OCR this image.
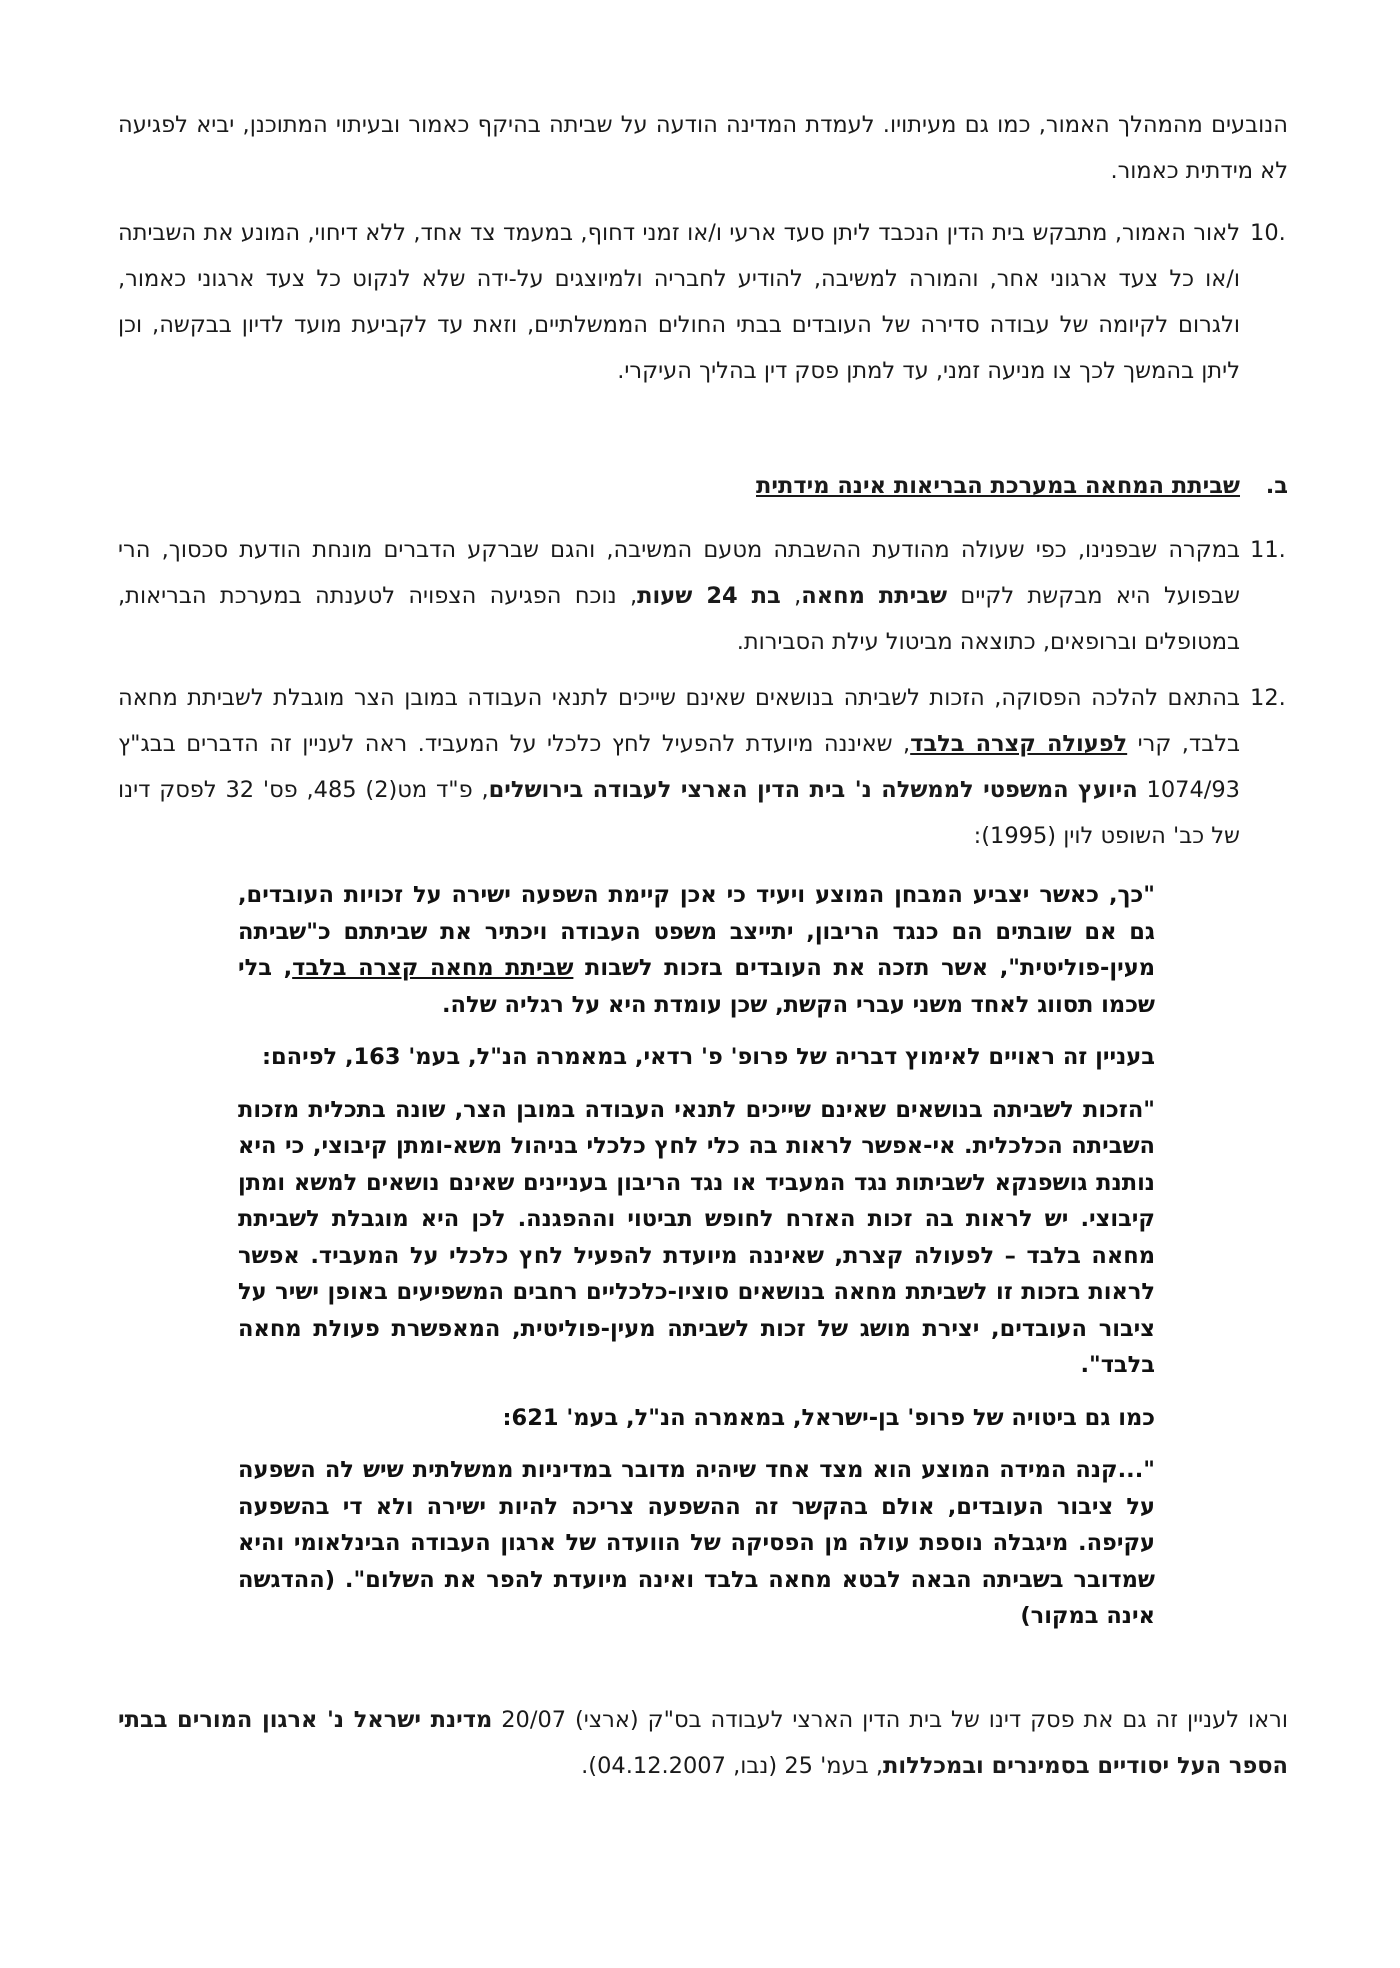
הנובעים מהמהלך האמור, כמו גם מעיתויו. לעמדת המדינה הודעה על שביתה בהיקף כאמור ובעיתוי המתוכנן, יביא לפגיעה לא מידתית כאמור.
.10
לאור האמור, מתבקש בית הדין הנכבד ליתן סעד ארעי ו/או זמני דחוף, במעמד צד אחד, ללא דיחוי, המונע את השביתה ו/או כל צעד ארגוני אחר, והמורה למשיבה, להודיע לחבריה ולמיוצגים על-ידה שלא לנקוט כל צעד ארגוני כאמור, ולגרום לקיומה של עבודה סדירה של העובדים בבתי החולים הממשלתיים, וזאת עד לקביעת מועד לדיון בבקשה, וכן ליתן בהמשך לכך צו מניעה זמני, עד למתן פסק דין בהליך העיקרי.
ב.שביתת המחאה במערכת הבריאות אינה מידתית
.11
במקרה שבפנינו, כפי שעולה מהודעת ההשבתה מטעם המשיבה, והגם שברקע הדברים מונחת הודעת סכסוך, הרי שבפועל היא מבקשת לקיים שביתת מחאה, בת 24 שעות, נוכח הפגיעה הצפויה לטענתה במערכת הבריאות, במטופלים וברופאים, כתוצאה מביטול עילת הסבירות.
.12
בהתאם להלכה הפסוקה, הזכות לשביתה בנושאים שאינם שייכים לתנאי העבודה במובן הצר מוגבלת לשביתת מחאה בלבד, קרי לפעולה קצרה בלבד, שאיננה מיועדת להפעיל לחץ כלכלי על המעביד. ראה לעניין זה הדברים בבג"ץ 1074/93 היועץ המשפטי לממשלה נ' בית הדין הארצי לעבודה בירושלים, פ"ד מט(2) 485, פס' 32 לפסק דינו של כב' השופט לוין (1995):

"כך, כאשר יצביע המבחן המוצע ויעיד כי אכן קיימת השפעה ישירה על זכויות העובדים, גם אם שובתים הם כנגד הריבון, יתייצב משפט העבודה ויכתיר את שביתתם כ"שביתה מעין-פוליטית", אשר תזכה את העובדים בזכות לשבות שביתת מחאה קצרה בלבד, בלי שכמו תסווג לאחד משני עברי הקשת, שכן עומדת היא על רגליה שלה.

בעניין זה ראויים לאימוץ דבריה של פרופ' פ' רדאי, במאמרה הנ"ל, בעמ' 163, לפיהם:

"הזכות לשביתה בנושאים שאינם שייכים לתנאי העבודה במובן הצר, שונה בתכלית מזכות השביתה הכלכלית. אי-אפשר לראות בה כלי לחץ כלכלי בניהול משא-ומתן קיבוצי, כי היא נותנת גושפנקא לשביתות נגד המעביד או נגד הריבון בעניינים שאינם נושאים למשא ומתן קיבוצי. יש לראות בה זכות האזרח לחופש תביטוי וההפגנה. לכן היא מוגבלת לשביתת מחאה בלבד – לפעולה קצרת, שאיננה מיועדת להפעיל לחץ כלכלי על המעביד. אפשר לראות בזכות זו לשביתת מחאה בנושאים סוציו-כלכליים רחבים המשפיעים באופן ישיר על ציבור העובדים, יצירת מושג של זכות לשביתה מעין-פוליטית, המאפשרת פעולת מחאה בלבד".

כמו גם ביטויה של פרופ' בן-ישראל, במאמרה הנ"ל, בעמ' 621:

"...קנה המידה המוצע הוא מצד אחד שיהיה מדובר במדיניות ממשלתית שיש לה השפעה על ציבור העובדים, אולם בהקשר זה ההשפעה צריכה להיות ישירה ולא די בהשפעה עקיפה. מיגבלה נוספת עולה מן הפסיקה של הוועדה של ארגון העבודה הבינלאומי והיא שמדובר בשביתה הבאה לבטא מחאה בלבד ואינה מיועדת להפר את השלום". (ההדגשה אינה במקור)

וראו לעניין זה גם את פסק דינו של בית הדין הארצי לעבודה בס"ק (ארצי) 20/07 מדינת ישראל נ' ארגון המורים בבתי הספר העל יסודיים בסמינרים ובמכללות, בעמ' 25 (נבו, 04.12.2007).
